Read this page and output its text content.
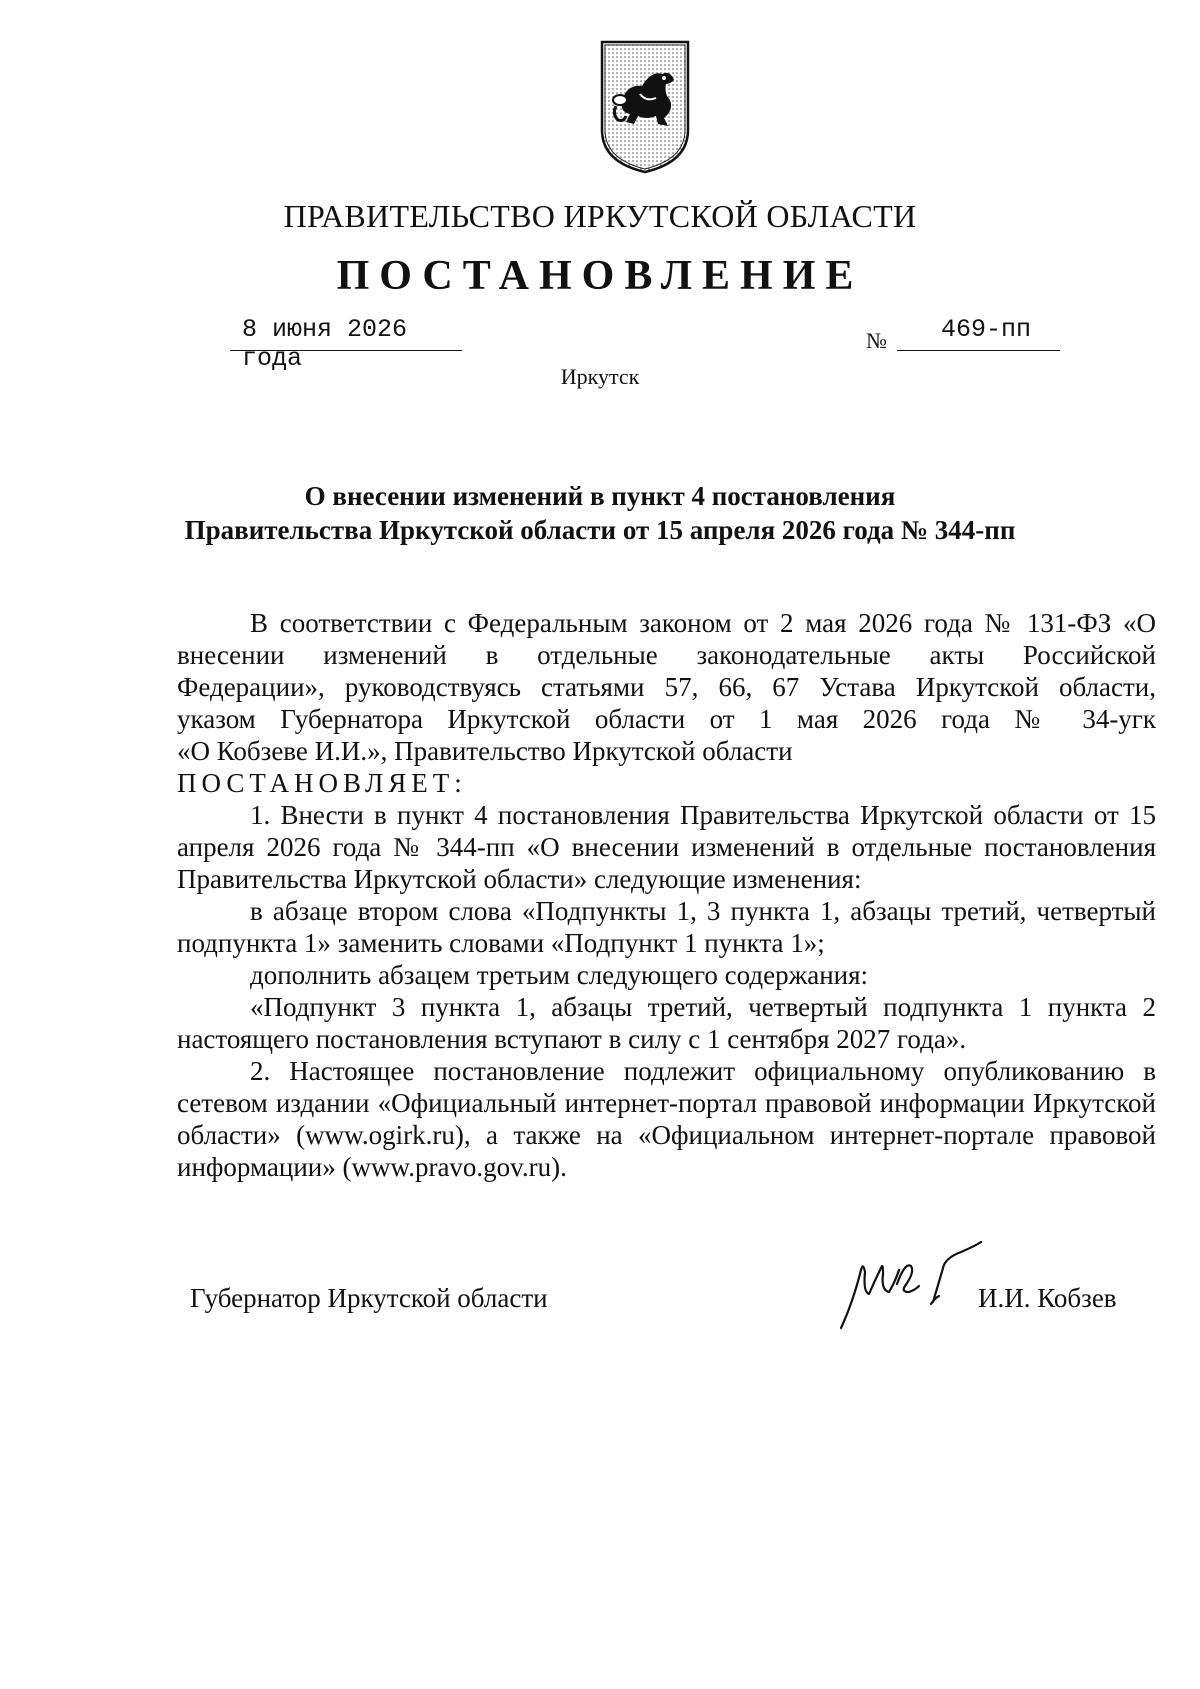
ПРАВИТЕЛЬСТВО ИРКУТСКОЙ ОБЛАСТИ
ПОСТАНОВЛЕНИЕ
8 июня 2026 года
№ 469-пп
Иркутск
О внесении изменений в пункт 4 постановления
Правительства Иркутской области от 15 апреля 2026 года № 344-пп

В соответствии с Федеральным законом от 2 мая 2026 года № 131-ФЗ «О

внесении изменений в отдельные законодательные акты Российской

Федерации», руководствуясь статьями 57, 66, 67 Устава Иркутской области,

указом Губернатора Иркутской области от 1 мая 2026 года № 34-угк

«О Кобзеве И.И.», Правительство Иркутской области

ПОСТАНОВЛЯЕТ:

1. Внести в пункт 4 постановления Правительства Иркутской области от 15 апреля 2026 года № 344-пп «О внесении изменений в отдельные постановления Правительства Иркутской области» следующие изменения:

в абзаце втором слова «Подпункты 1, 3 пункта 1, абзацы третий, четвертый подпункта 1» заменить словами «Подпункт 1 пункта 1»;

дополнить абзацем третьим следующего содержания:

«Подпункт 3 пункта 1, абзацы третий, четвертый подпункта 1 пункта 2 настоящего постановления вступают в силу с 1 сентября 2027 года».

2. Настоящее постановление подлежит официальному опубликованию в сетевом издании «Официальный интернет-портал правовой информации Иркутской области» (www.ogirk.ru), а также на «Официальном интернет-портале правовой информации» (www.pravo.gov.ru).

Губернатор Иркутской области	И.И. Кобзев
